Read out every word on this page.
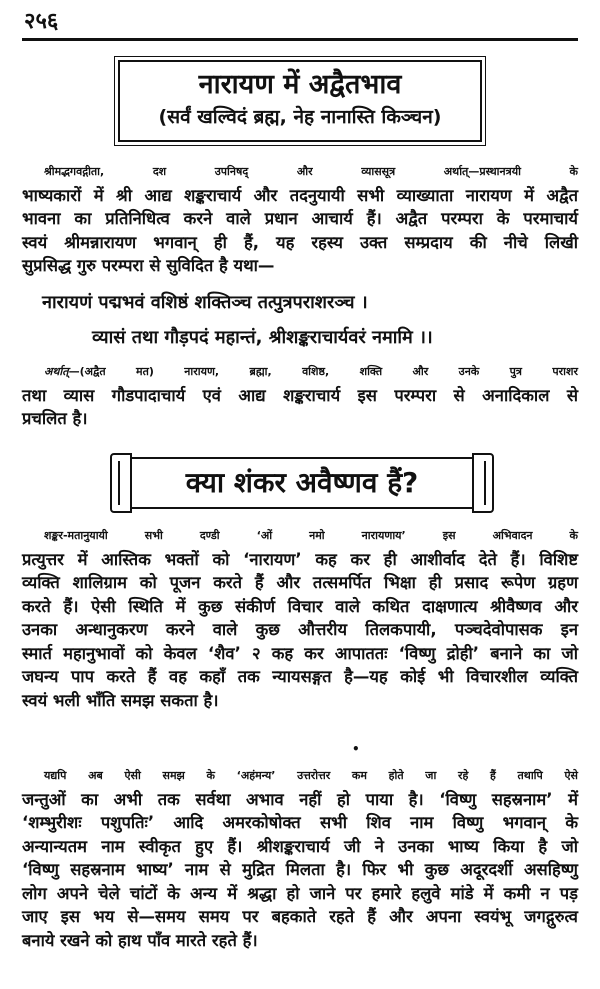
२५६
नारायण में अद्वैतभाव
(सर्वं खल्विदं ब्रह्म, नेह नानास्ति किञ्चन)
श्रीमद्भगवद्गीता, दश उपनिषद् और व्याससूत्र अर्थात्—प्रस्थानत्रयी के
भाष्यकारों में श्री आद्य शङ्कराचार्य और तदनुयायी सभी व्याख्याता नारायण में अद्वैत
भावना का प्रतिनिधित्व करने वाले प्रधान आचार्य हैं। अद्वैत परम्परा के परमाचार्य
स्वयं श्रीमन्नारायण भगवान् ही हैं, यह रहस्य उक्त सम्प्रदाय की नीचे लिखी
सुप्रसिद्ध गुरु परम्परा से सुविदित है यथा—
नारायणं पद्मभवं वशिष्ठं शक्तिञ्च तत्पुत्रपराशरञ्च ।
व्यासं तथा गौड़पदं महान्तं, श्रीशङ्कराचार्यवरं नमामि ।।
अर्थात्—(अद्वैत मत) नारायण, ब्रह्मा, वशिष्ठ, शक्ति और उनके पुत्र पराशर
तथा व्यास गौडपादाचार्य एवं आद्य शङ्कराचार्य इस परम्परा से अनादिकाल से
प्रचलित है।
क्या शंकर अवैष्णव हैं?
शङ्कर-मतानुयायी सभी दण्डी ‘ओं नमो नारायणाय’ इस अभिवादन के
प्रत्युत्तर में आस्तिक भक्तों को ‘नारायण’ कह कर ही आशीर्वाद देते हैं। विशिष्ट
व्यक्ति शालिग्राम को पूजन करते हैं और तत्समर्पित भिक्षा ही प्रसाद रूपेण ग्रहण
करते हैं। ऐसी स्थिति में कुछ संकीर्ण विचार वाले कथित दाक्षणात्य श्रीवैष्णव और
उनका अन्धानुकरण करने वाले कुछ औत्तरीय तिलकपायी, पञ्चदेवोपासक इन
स्मार्त महानुभावों को केवल ‘शैव’ २ कह कर आपाततः ‘विष्णु द्रोही’ बनाने का जो
जघन्य पाप करते हैं वह कहाँ तक न्यायसङ्गत है—यह कोई भी विचारशील व्यक्ति
स्वयं भली भाँति समझ सकता है।
•
यद्यपि अब ऐसी समझ के ‘अहंमन्य’ उत्तरोत्तर कम होते जा रहे हैं तथापि ऐसे
जन्तुओं का अभी तक सर्वथा अभाव नहीं हो पाया है। ‘विष्णु सहस्रनाम’ में
‘शम्भुरीशः पशुपतिः’ आदि अमरकोषोक्त सभी शिव नाम विष्णु भगवान् के
अन्यान्यतम नाम स्वीकृत हुए हैं। श्रीशङ्कराचार्य जी ने उनका भाष्य किया है जो
‘विष्णु सहस्रनाम भाष्य’ नाम से मुद्रित मिलता है। फिर भी कुछ अदूरदर्शी असहिष्णु
लोग अपने चेले चांटों के अन्य में श्रद्धा हो जाने पर हमारे हलुवे मांडे में कमी न पड़
जाए इस भय से—समय समय पर बहकाते रहते हैं और अपना स्वयंभू जगद्गुरुत्व
बनाये रखने को हाथ पाँव मारते रहते हैं।
